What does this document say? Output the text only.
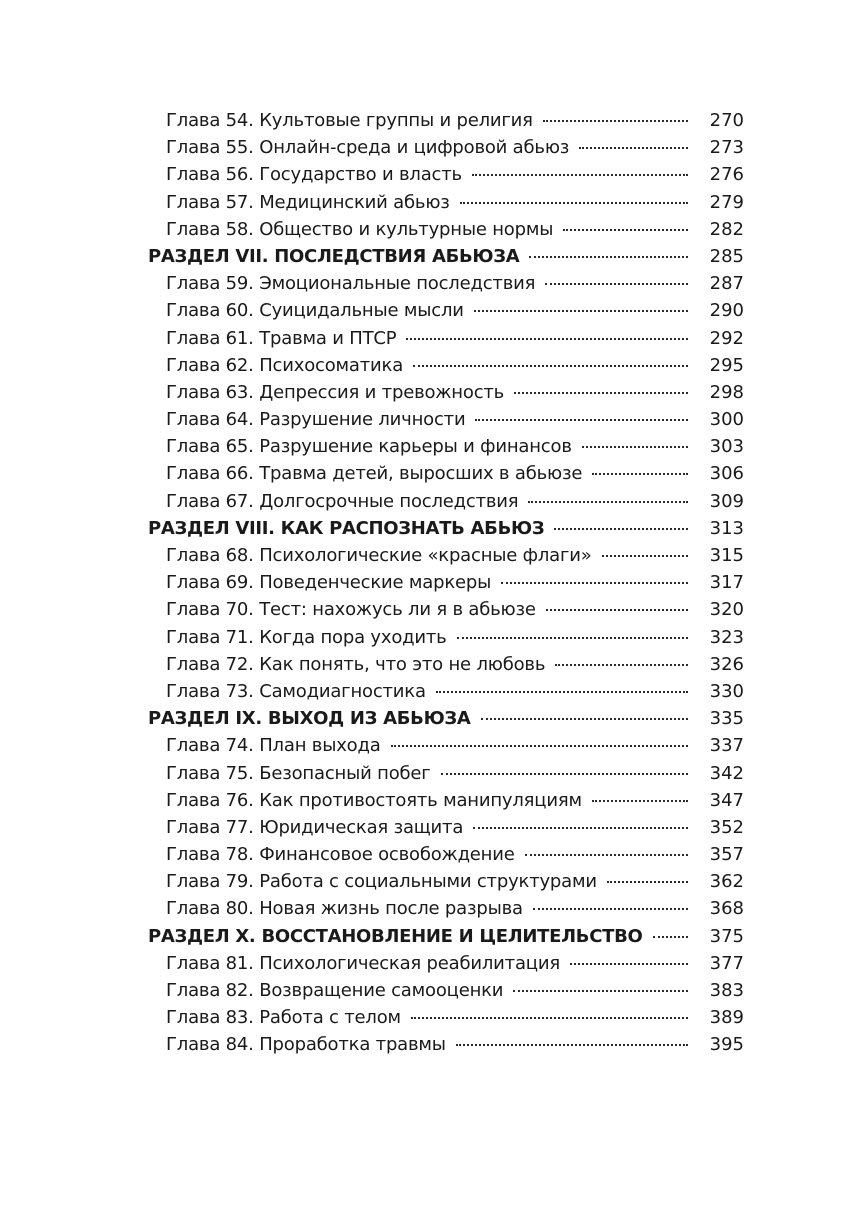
Глава 54. Культовые группы и религия	270
Глава 55. Онлайн-среда и цифровой абьюз	273
Глава 56. Государство и власть	276
Глава 57. Медицинский абьюз	279
Глава 58. Общество и культурные нормы	282
РАЗДЕЛ VII. ПОСЛЕДСТВИЯ АБЬЮЗА	285
Глава 59. Эмоциональные последствия	287
Глава 60. Суицидальные мысли	290
Глава 61. Травма и ПТСР	292
Глава 62. Психосоматика	295
Глава 63. Депрессия и тревожность	298
Глава 64. Разрушение личности	300
Глава 65. Разрушение карьеры и финансов	303
Глава 66. Травма детей, выросших в абьюзе	306
Глава 67. Долгосрочные последствия	309
РАЗДЕЛ VIII. КАК РАСПОЗНАТЬ АБЬЮЗ	313
Глава 68. Психологические «красные флаги»	315
Глава 69. Поведенческие маркеры	317
Глава 70. Тест: нахожусь ли я в абьюзе	320
Глава 71. Когда пора уходить	323
Глава 72. Как понять, что это не любовь	326
Глава 73. Самодиагностика	330
РАЗДЕЛ IX. ВЫХОД ИЗ АБЬЮЗА	335
Глава 74. План выхода	337
Глава 75. Безопасный побег	342
Глава 76. Как противостоять манипуляциям	347
Глава 77. Юридическая защита	352
Глава 78. Финансовое освобождение	357
Глава 79. Работа с социальными структурами	362
Глава 80. Новая жизнь после разрыва	368
РАЗДЕЛ X. ВОССТАНОВЛЕНИЕ И ЦЕЛИТЕЛЬСТВО	375
Глава 81. Психологическая реабилитация	377
Глава 82. Возвращение самооценки	383
Глава 83. Работа с телом	389
Глава 84. Проработка травмы	395
